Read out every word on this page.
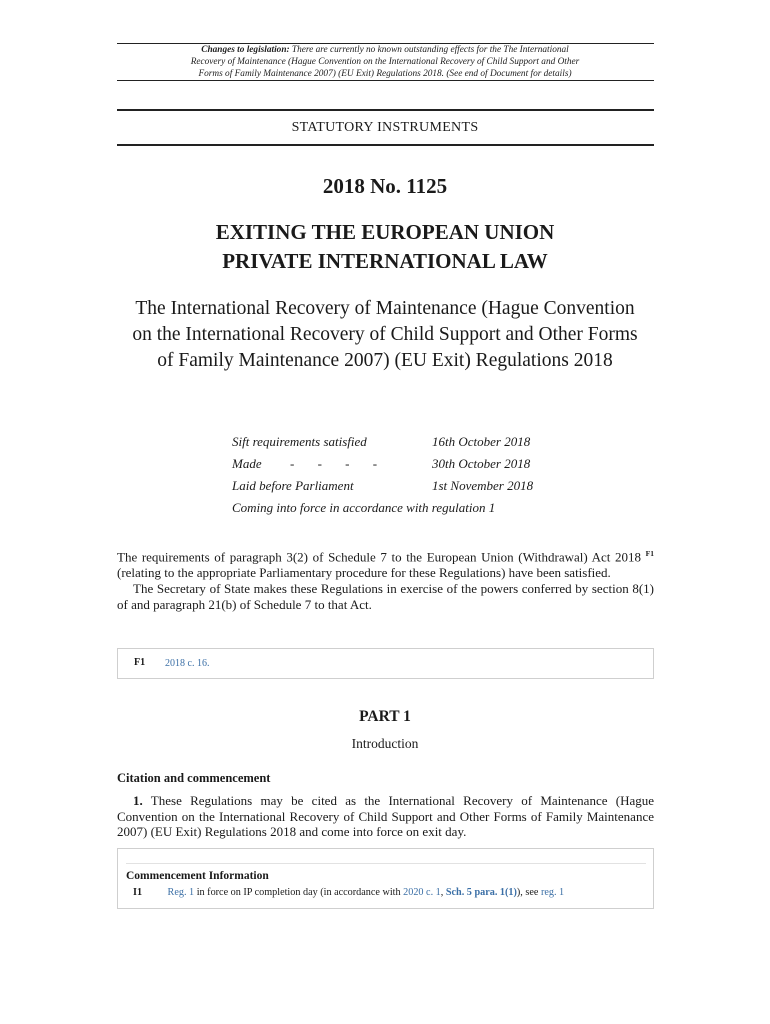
Changes to legislation: There are currently no known outstanding effects for the The International
Recovery of Maintenance (Hague Convention on the International Recovery of Child Support and Other
Forms of Family Maintenance 2007) (EU Exit) Regulations 2018. (See end of Document for details)
STATUTORY INSTRUMENTS
2018 No. 1125
EXITING THE EUROPEAN UNION
PRIVATE INTERNATIONAL LAW
The International Recovery of Maintenance (Hague Convention
on the International Recovery of Child Support and Other Forms
of Family Maintenance 2007) (EU Exit) Regulations 2018
Sift requirements satisfied	16th October 2018
Made - - - -	30th October 2018
Laid before Parliament	1st November 2018
Coming into force in accordance with regulation 1
The requirements of paragraph 3(2) of Schedule 7 to the European Union (Withdrawal) Act 2018 $^{F1}$ (relating to the appropriate Parliamentary procedure for these Regulations) have been satisfied.
The Secretary of State makes these Regulations in exercise of the powers conferred by section 8(1) of and paragraph 21(b) of Schedule 7 to that Act.
F1 2018 c. 16.
PART 1
Introduction
Citation and commencement
1. These Regulations may be cited as the International Recovery of Maintenance (Hague Convention on the International Recovery of Child Support and Other Forms of Family Maintenance 2007) (EU Exit) Regulations 2018 and come into force on exit day.
Commencement Information
I1 Reg. 1 in force on IP completion day (in accordance with 2020 c. 1, Sch. 5 para. 1(1)), see reg. 1
